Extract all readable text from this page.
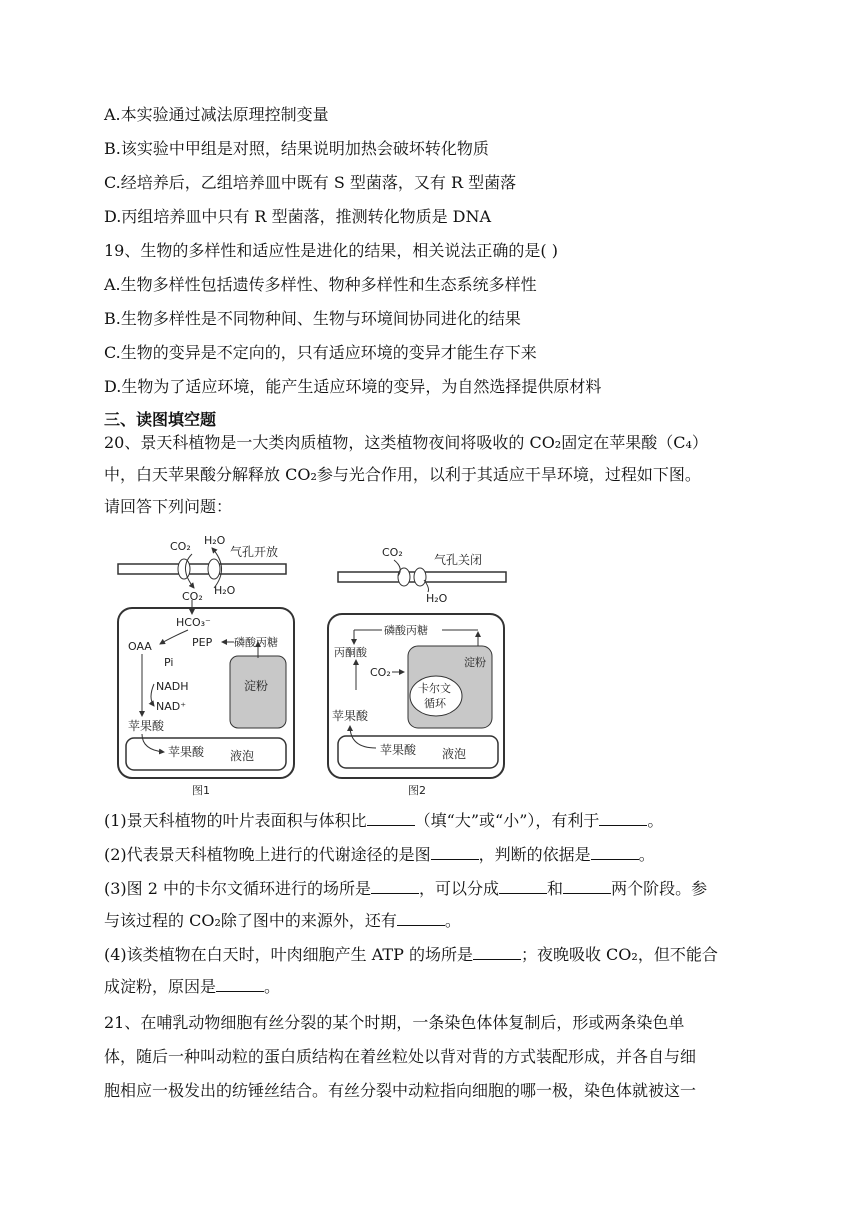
A.本实验通过减法原理控制变量
B.该实验中甲组是对照，结果说明加热会破坏转化物质
C.经培养后，乙组培养皿中既有 S 型菌落，又有 R 型菌落
D.丙组培养皿中只有 R 型菌落，推测转化物质是 DNA
19、生物的多样性和适应性是进化的结果，相关说法正确的是( )
A.生物多样性包括遗传多样性、物种多样性和生态系统多样性
B.生物多样性是不同物种间、生物与环境间协同进化的结果
C.生物的变异是不定向的，只有适应环境的变异才能生存下来
D.生物为了适应环境，能产生适应环境的变异，为自然选择提供原材料
三、读图填空题
20、景天科植物是一大类肉质植物，这类植物夜间将吸收的 CO₂固定在苹果酸（C₄）
中，白天苹果酸分解释放 CO₂参与光合作用，以利于其适应干旱环境，过程如下图。
请回答下列问题：
CO₂ H₂O
气孔开放
CO₂ H₂O
HCO₃⁻
PEP 磷酸丙糖
OAA
Pi
淀粉
NADH
NAD⁺
苹果酸
苹果酸 液泡
图1
CO₂
气孔关闭
H₂O
磷酸丙糖
丙酮酸
CO₂
淀粉
卡尔文
循环
苹果酸
苹果酸 液泡
图2
(1)景天科植物的叶片表面积与体积比	（填“大”或“小”），有利于	。
(2)代表景天科植物晚上进行的代谢途径的是图	，判断的依据是	。
(3)图 2 中的卡尔文循环进行的场所是	，可以分成	和	两个阶段。参
与该过程的 CO₂除了图中的来源外，还有	。
(4)该类植物在白天时，叶肉细胞产生 ATP 的场所是	；夜晚吸收 CO₂，但不能合
成淀粉，原因是	。
21、在哺乳动物细胞有丝分裂的某个时期，一条染色体体复制后，形或两条染色单
体，随后一种叫动粒的蛋白质结构在着丝粒处以背对背的方式装配形成，并各自与细
胞相应一极发出的纺锤丝结合。有丝分裂中动粒指向细胞的哪一极，染色体就被这一
